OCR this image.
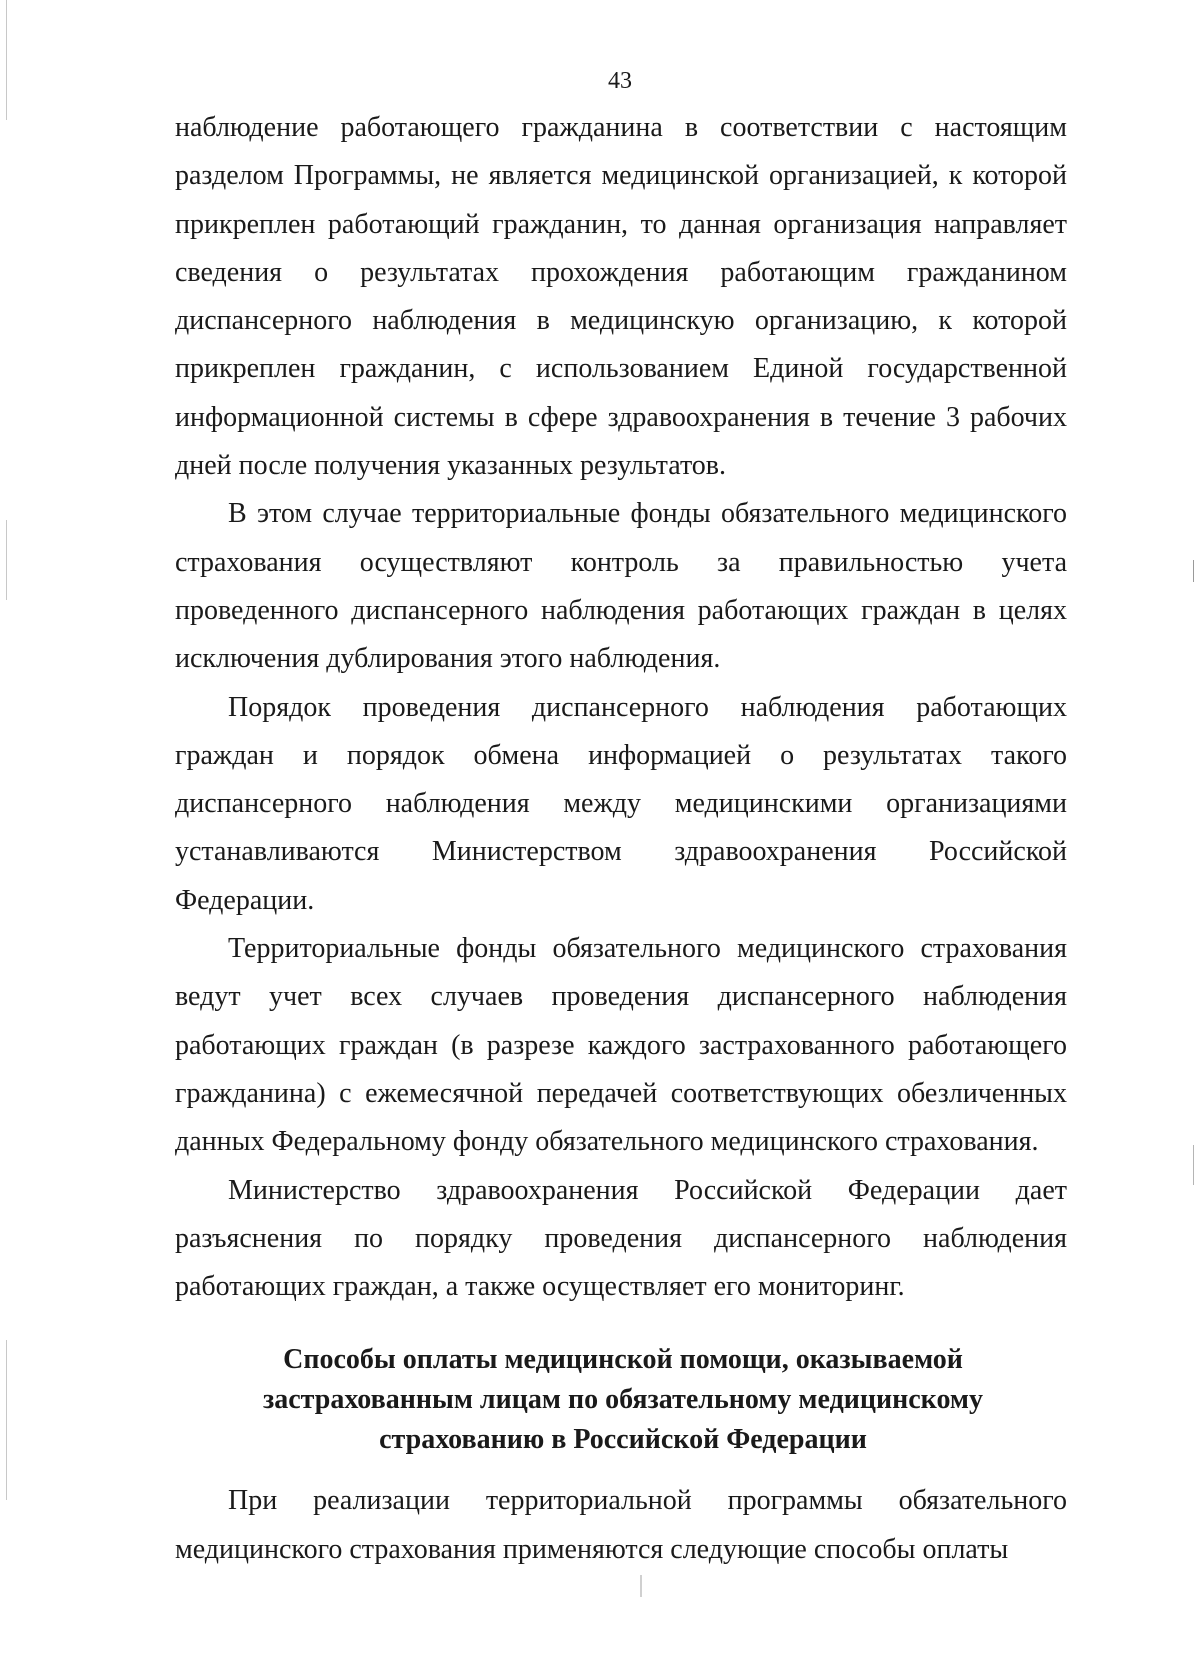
43

наблюдение работающего гражданина в соответствии с настоящим разделом Программы, не является медицинской организацией, к которой прикреплен работающий гражданин, то данная организация направляет сведения о результатах прохождения работающим гражданином диспансерного наблюдения в медицинскую организацию, к которой прикреплен гражданин, с использованием Единой государственной информационной системы в сфере здравоохранения в течение 3 рабочих дней после получения указанных результатов.

В этом случае территориальные фонды обязательного медицинского страхования осуществляют контроль за правильностью учета проведенного диспансерного наблюдения работающих граждан в целях исключения дублирования этого наблюдения.

Порядок проведения диспансерного наблюдения работающих граждан и порядок обмена информацией о результатах такого диспансерного наблюдения между медицинскими организациями устанавливаются Министерством здравоохранения Российской Федерации.

Территориальные фонды обязательного медицинского страхования ведут учет всех случаев проведения диспансерного наблюдения работающих граждан (в разрезе каждого застрахованного работающего гражданина) с ежемесячной передачей соответствующих обезличенных данных Федеральному фонду обязательного медицинского страхования.

Министерство здравоохранения Российской Федерации дает разъяснения по порядку проведения диспансерного наблюдения работающих граждан, а также осуществляет его мониторинг.

Способы оплаты медицинской помощи, оказываемой
застрахованным лицам по обязательному медицинскому
страхованию в Российской Федерации

При реализации территориальной программы обязательного медицинского страхования применяются следующие способы оплаты
